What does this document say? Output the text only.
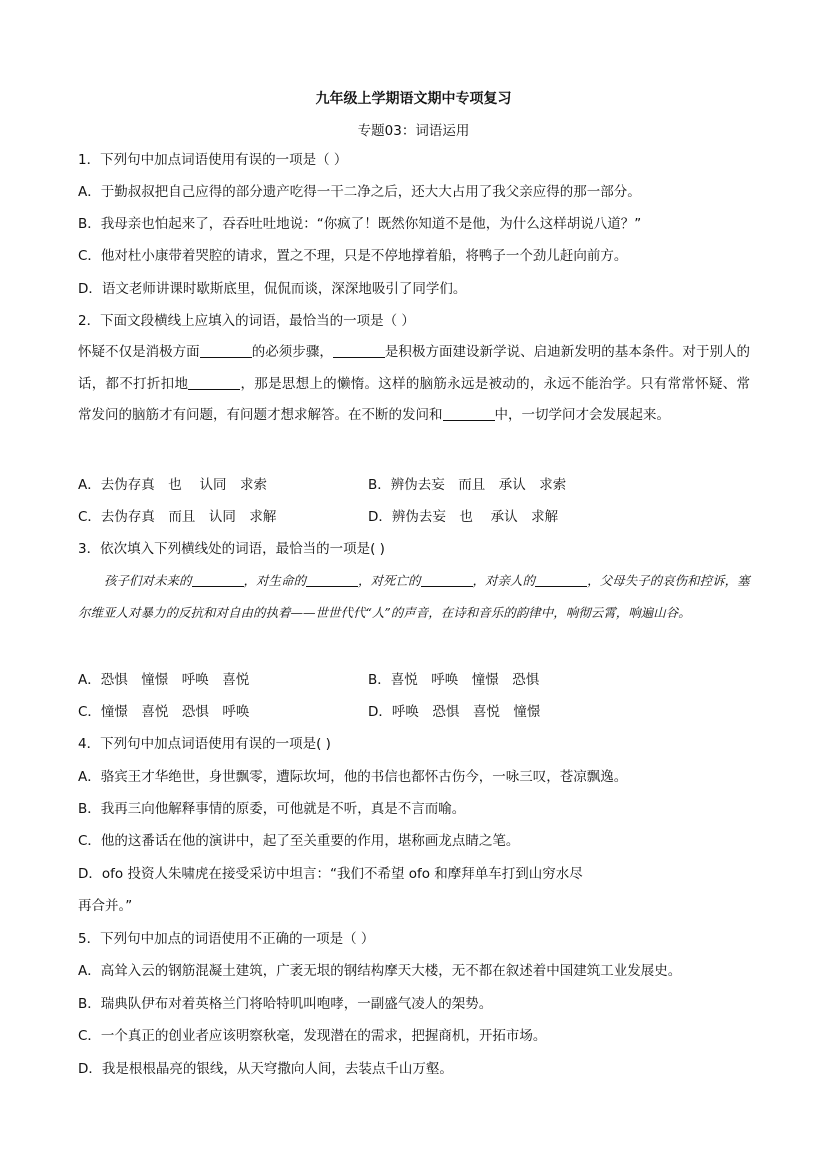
九年级上学期语文期中专项复习
专题03：词语运用
1．下列句中加点词语使用有误的一项是（ ）
A．于勤叔叔把自己应得的部分遗产吃得一干二净之后，还大大占用了我父亲应得的那一部分。
B．我母亲也怕起来了，吞吞吐吐地说：“你疯了！既然你知道不是他，为什么这样胡说八道？”
C．他对杜小康带着哭腔的请求，置之不理，只是不停地撑着船，将鸭子一个劲儿赶向前方。
D．语文老师讲课时歇斯底里，侃侃而谈，深深地吸引了同学们。
2．下面文段横线上应填入的词语，最恰当的一项是（ ）
怀疑不仅是消极方面	的必须步骤，	是积极方面建设新学说、启迪新发明的基本条件。对于别人的话，都不打折扣地	，那是思想上的懒惰。这样的脑筋永远是被动的，永远不能治学。只有常常怀疑、常常发问的脑筋才有问题，有问题才想求解答。在不断的发问和	中，一切学问才会发展起来。
A．去伪存真　也　 认同　求索	B．辨伪去妄　而且　承认　求索
C．去伪存真　而且　认同　求解	D．辨伪去妄　也　 承认　求解
3．依次填入下列横线处的词语，最恰当的一项是( )
孩子们对未来的	，对生命的	，对死亡的	，对亲人的	，父母失子的哀伤和控诉，塞尔维亚人对暴力的反抗和对自由的执着——世世代代“人”的声音，在诗和音乐的韵律中，响彻云霄，响遍山谷。
A．恐惧　憧憬　呼唤　喜悦	B．喜悦　呼唤　憧憬　恐惧
C．憧憬　喜悦　恐惧　呼唤	D．呼唤　恐惧　喜悦　憧憬
4．下列句中加点词语使用有误的一项是( )
A．骆宾王才华绝世，身世飘零，遭际坎坷，他的书信也都怀古伤今，一咏三叹，苍凉飘逸。
B．我再三向他解释事情的原委，可他就是不听，真是不言而喻。
C．他的这番话在他的演讲中，起了至关重要的作用，堪称画龙点睛之笔。
D．ofo 投资人朱啸虎在接受采访中坦言：“我们不希望 ofo 和摩拜单车打到山穷水尽
再合并。”
5．下列句中加点的词语使用不正确的一项是（ ）
A．高耸入云的钢筋混凝土建筑，广袤无垠的钢结构摩天大楼，无不都在叙述着中国建筑工业发展史。
B．瑞典队伊布对着英格兰门将哈特叽叫咆哮，一副盛气凌人的架势。
C．一个真正的创业者应该明察秋毫，发现潜在的需求，把握商机，开拓市场。
D．我是根根晶亮的银线，从天穹撒向人间，去装点千山万壑。
